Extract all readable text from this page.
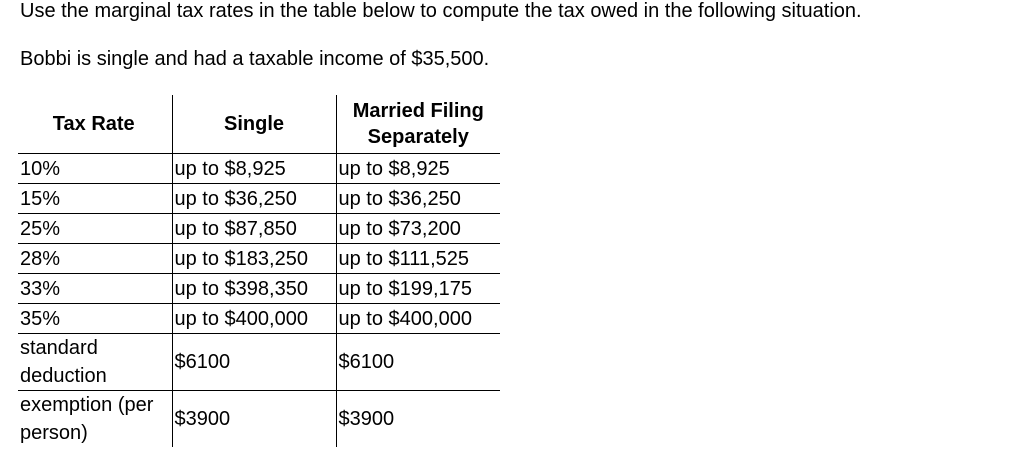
Use the marginal tax rates in the table below to compute the tax owed in the following situation.
Bobbi is single and had a taxable income of $35,500.
Tax Rate	Single	Married Filing Separately
10%	up to $8,925	up to $8,925
15%	up to $36,250	up to $36,250
25%	up to $87,850	up to $73,200
28%	up to $183,250	up to $111,525
33%	up to $398,350	up to $199,175
35%	up to $400,000	up to $400,000
standard deduction	$6100	$6100
exemption (per person)	$3900	$3900
